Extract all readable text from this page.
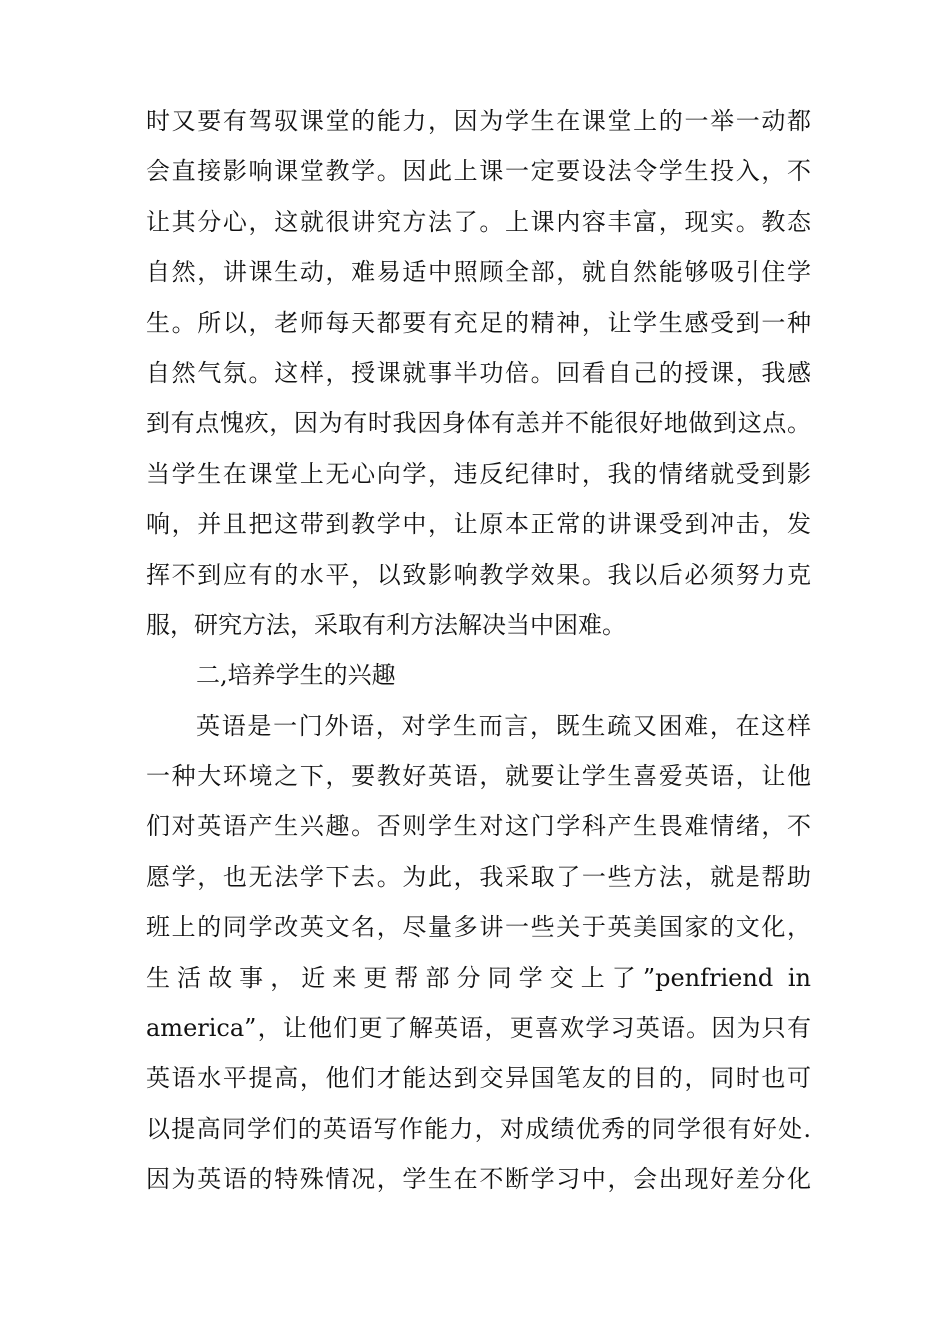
时又要有驾驭课堂的能力，因为学生在课堂上的一举一动都
会直接影响课堂教学。因此上课一定要设法令学生投入，不
让其分心，这就很讲究方法了。上课内容丰富，现实。教态
自然，讲课生动，难易适中照顾全部，就自然能够吸引住学
生。所以，老师每天都要有充足的精神，让学生感受到一种
自然气氛。这样，授课就事半功倍。回看自己的授课，我感
到有点愧疚，因为有时我因身体有恙并不能很好地做到这点。
当学生在课堂上无心向学，违反纪律时，我的情绪就受到影
响，并且把这带到教学中，让原本正常的讲课受到冲击，发
挥不到应有的水平，以致影响教学效果。我以后必须努力克
服，研究方法，采取有利方法解决当中困难。
二,培养学生的兴趣
英语是一门外语，对学生而言，既生疏又困难，在这样
一种大环境之下，要教好英语，就要让学生喜爱英语，让他
们对英语产生兴趣。否则学生对这门学科产生畏难情绪，不
愿学，也无法学下去。为此，我采取了一些方法，就是帮助
班上的同学改英文名，尽量多讲一些关于英美国家的文化，
生活故事，近来更帮部分同学交上了”penfriend in
america”，让他们更了解英语，更喜欢学习英语。因为只有
英语水平提高，他们才能达到交异国笔友的目的，同时也可
以提高同学们的英语写作能力，对成绩优秀的同学很有好处.
因为英语的特殊情况，学生在不断学习中，会出现好差分化
